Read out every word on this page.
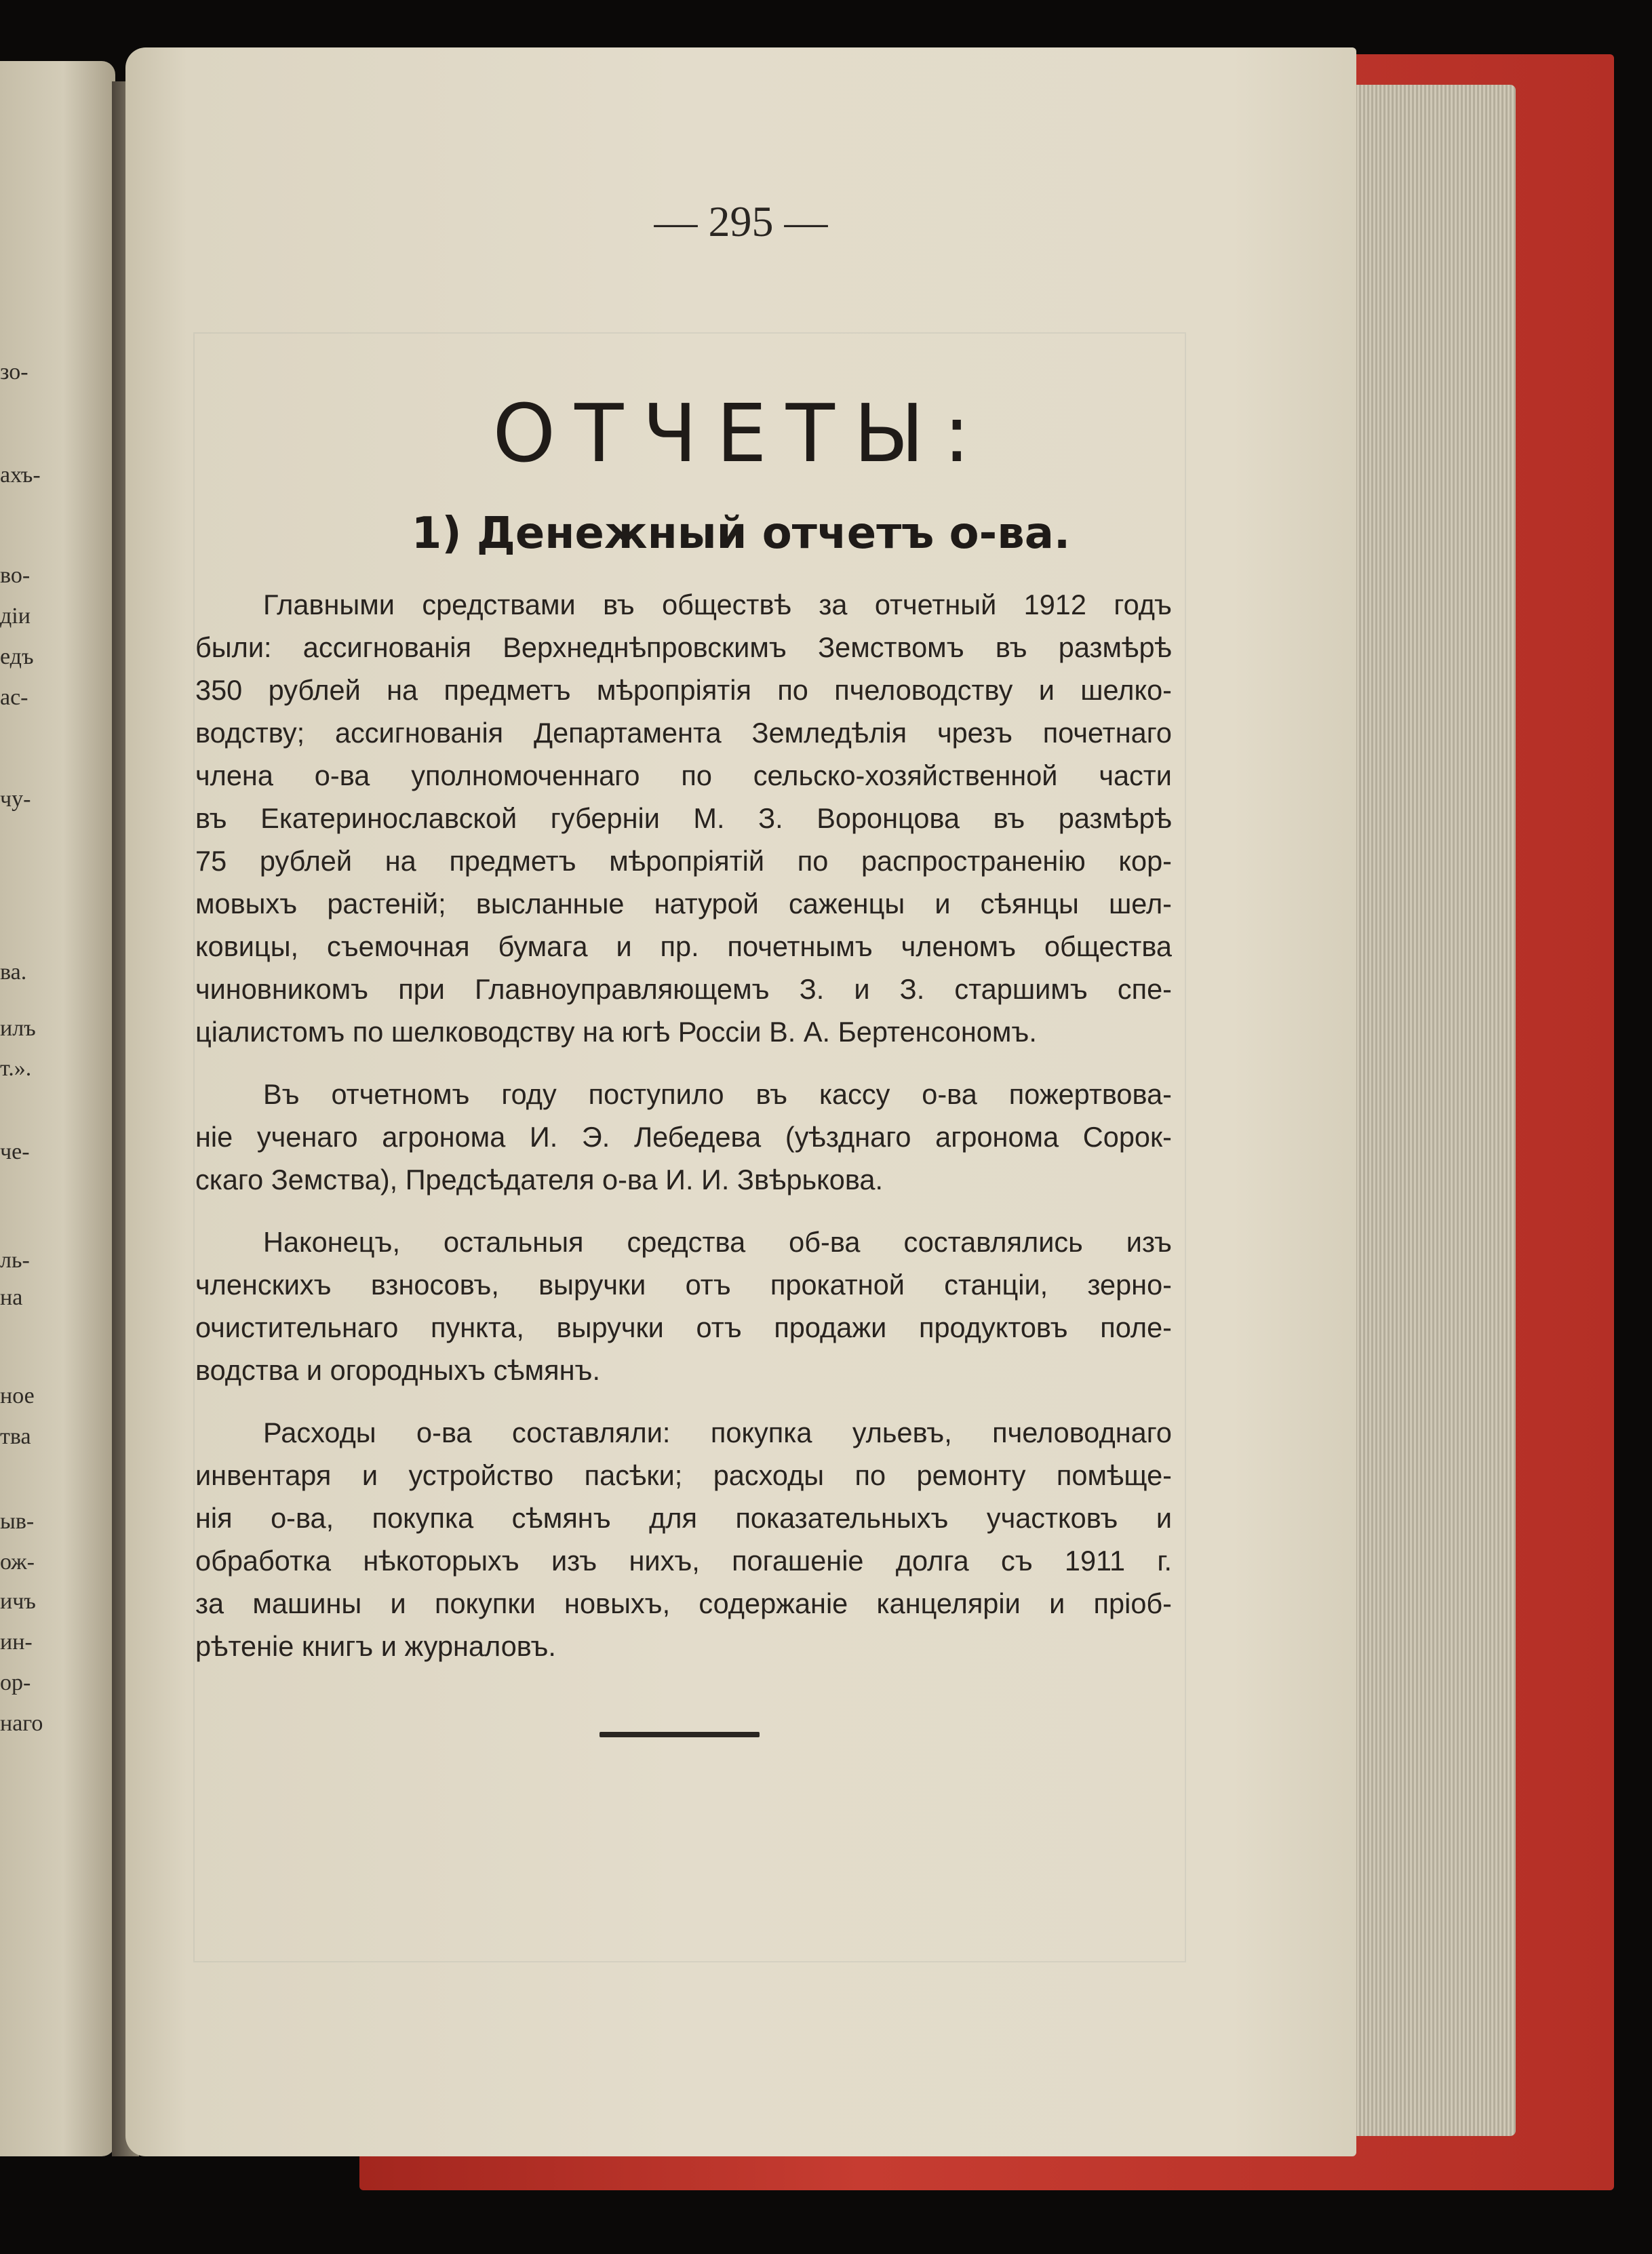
зо-
ахъ-
во-
діи
едъ
ас-
чу-
ва.
илъ
т.».
че-
ль-
на
ное
тва
ыв-
ож-
ичъ
ин-
ор-
наго
— 295 —
ОТЧЕТЫ:
1) Денежный отчетъ о-ва.

Главными средствами въ обществѣ за отчетный 1912 годъ
были: ассигнованія Верхнеднѣпровскимъ Земствомъ въ размѣрѣ
350 рублей на предметъ мѣропріятія по пчеловодству и шелко-
водству; ассигнованія Департамента Земледѣлія чрезъ почетнаго
члена о-ва уполномоченнаго по сельско-хозяйственной части
въ Екатеринославской губерніи М. З. Воронцова въ размѣрѣ
75 рублей на предметъ мѣропріятій по распространенію кор-
мовыхъ растеній; высланные натурой саженцы и сѣянцы шел-
ковицы, съемочная бумага и пр. почетнымъ членомъ общества
чиновникомъ при Главноуправляющемъ З. и З. старшимъ спе-
ціалистомъ по шелководству на югѣ Россіи В. А. Бертенсономъ.

Въ отчетномъ году поступило въ кассу о-ва пожертвова-
ніе ученаго агронома И. Э. Лебедева (уѣзднаго агронома Сорок-
скаго Земства), Предсѣдателя о-ва И. И. Звѣрькова.

Наконецъ, остальныя средства об-ва составлялись изъ
членскихъ взносовъ, выручки отъ прокатной станціи, зерно-
очистительнаго пункта, выручки отъ продажи продуктовъ поле-
водства и огородныхъ сѣмянъ.

Расходы о-ва составляли: покупка ульевъ, пчеловоднаго
инвентаря и устройство пасѣки; расходы по ремонту помѣще-
нія о-ва, покупка сѣмянъ для показательныхъ участковъ и
обработка нѣкоторыхъ изъ нихъ, погашеніе долга съ 1911 г.
за машины и покупки новыхъ, содержаніе канцеляріи и пріоб-
рѣтеніе книгъ и журналовъ.
